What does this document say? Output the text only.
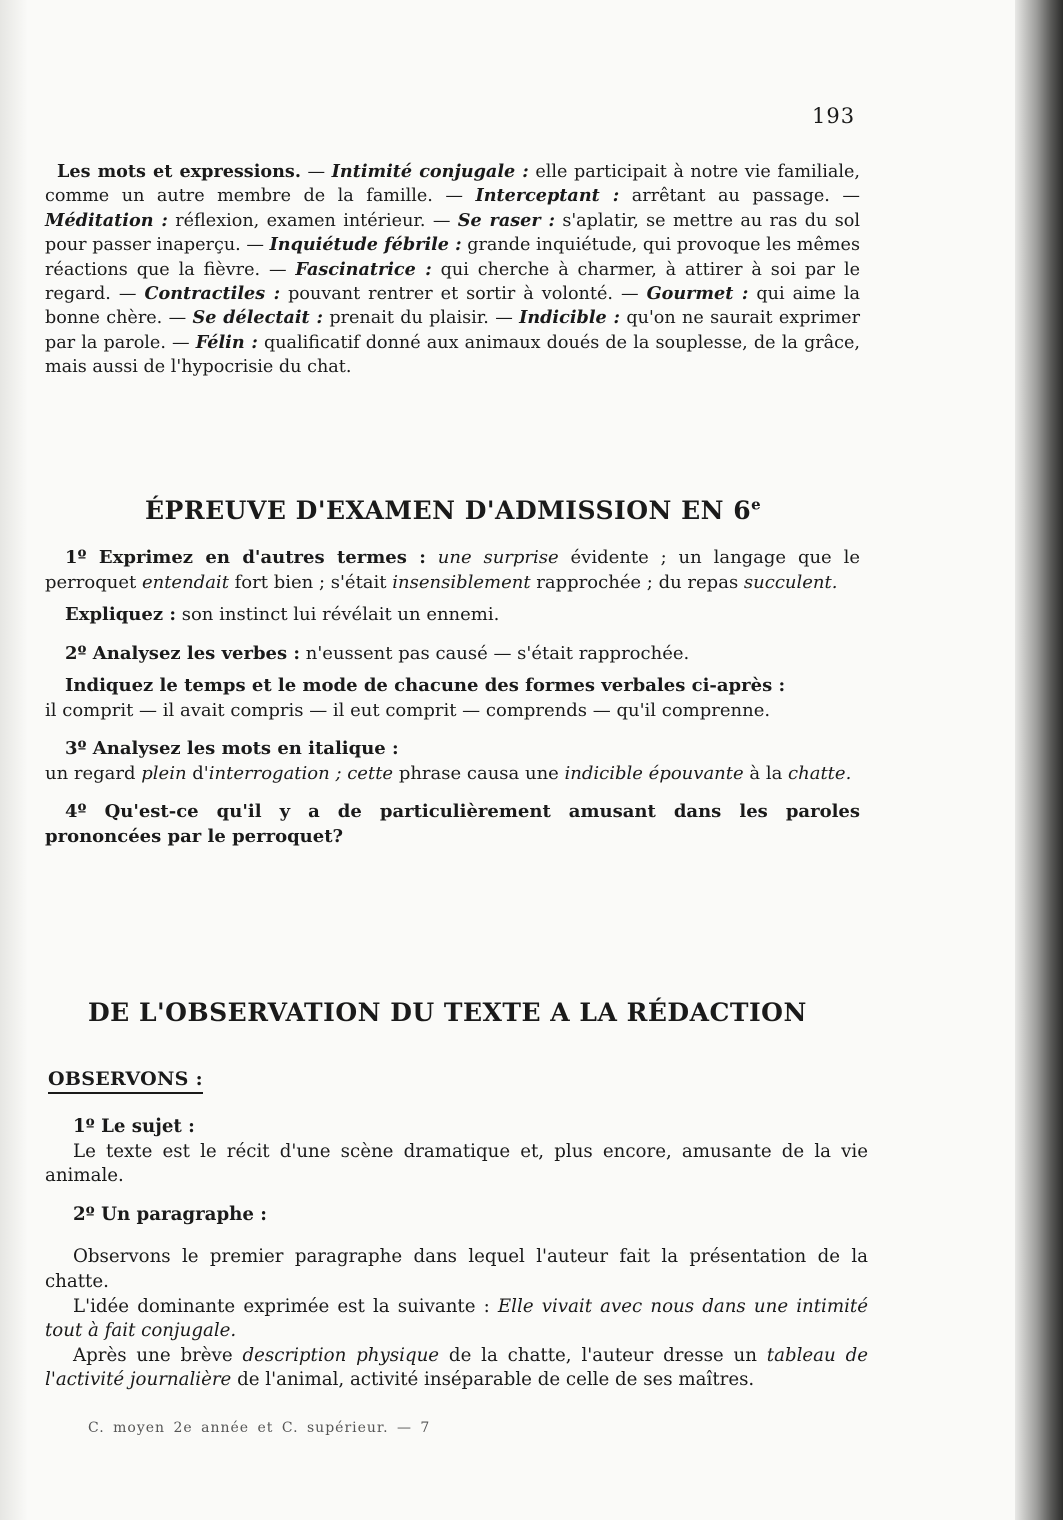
193

Les mots et expressions. — Intimité conjugale : elle participait à notre vie familiale, comme un autre membre de la famille. — Interceptant : arrêtant au passage. — Méditation : réflexion, examen intérieur. — Se raser : s'aplatir, se mettre au ras du sol pour passer inaperçu. — Inquiétude fébrile : grande inquiétude, qui provoque les mêmes réactions que la fièvre. — Fascinatrice : qui cherche à charmer, à attirer à soi par le regard. — Contractiles : pouvant rentrer et sortir à volonté. — Gourmet : qui aime la bonne chère. — Se délectait : prenait du plaisir. — Indicible : qu'on ne saurait exprimer par la parole. — Félin : qualificatif donné aux animaux doués de la souplesse, de la grâce, mais aussi de l'hypocrisie du chat.

ÉPREUVE D'EXAMEN D'ADMISSION EN 6e

1º Exprimez en d'autres termes : une surprise évidente ; un langage que le perroquet entendait fort bien ; s'était insensiblement rapprochée ; du repas succulent.

Expliquez : son instinct lui révélait un ennemi.

2º Analysez les verbes : n'eussent pas causé — s'était rapprochée.

Indiquez le temps et le mode de chacune des formes verbales ci-après :

il comprit — il avait compris — il eut comprit — comprends — qu'il comprenne.

3º Analysez les mots en italique :

un regard plein d'interrogation ; cette phrase causa une indicible épouvante à la chatte.

4º Qu'est-ce qu'il y a de particulièrement amusant dans les paroles prononcées par le perroquet?

DE L'OBSERVATION DU TEXTE A LA RÉDACTION
OBSERVONS :

1º Le sujet :

Le texte est le récit d'une scène dramatique et, plus encore, amusante de la vie animale.

2º Un paragraphe :

Observons le premier paragraphe dans lequel l'auteur fait la présentation de la chatte.

L'idée dominante exprimée est la suivante : Elle vivait avec nous dans une intimité tout à fait conjugale.

Après une brève description physique de la chatte, l'auteur dresse un tableau de l'activité journalière de l'animal, activité inséparable de celle de ses maîtres.

C. moyen 2e année et C. supérieur. — 7
